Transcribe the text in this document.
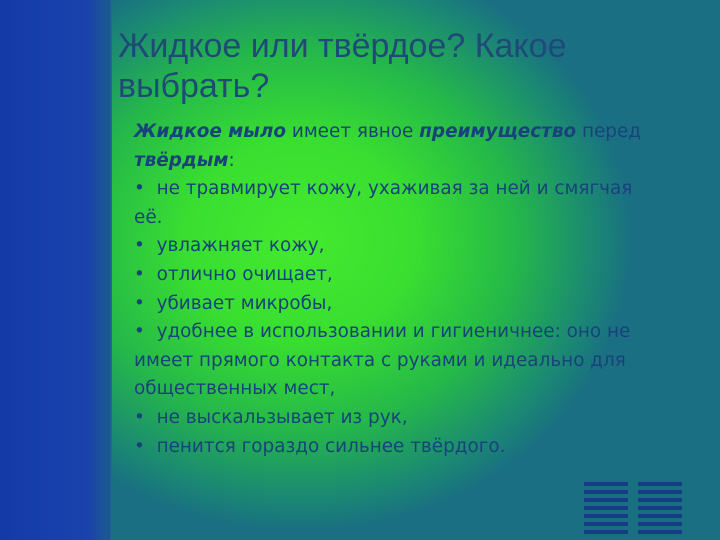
Жидкое или твёрдое? Какое
выбрать?
Жидкое мыло имеет явное преимущество перед
твёрдым:
• не травмирует кожу, ухаживая за ней и смягчая
её.
• увлажняет кожу,
• отлично очищает,
• убивает микробы,
• удобнее в использовании и гигиеничнее: оно не
имеет прямого контакта с руками и идеально для
общественных мест,
• не выскальзывает из рук,
• пенится гораздо сильнее твёрдого.
